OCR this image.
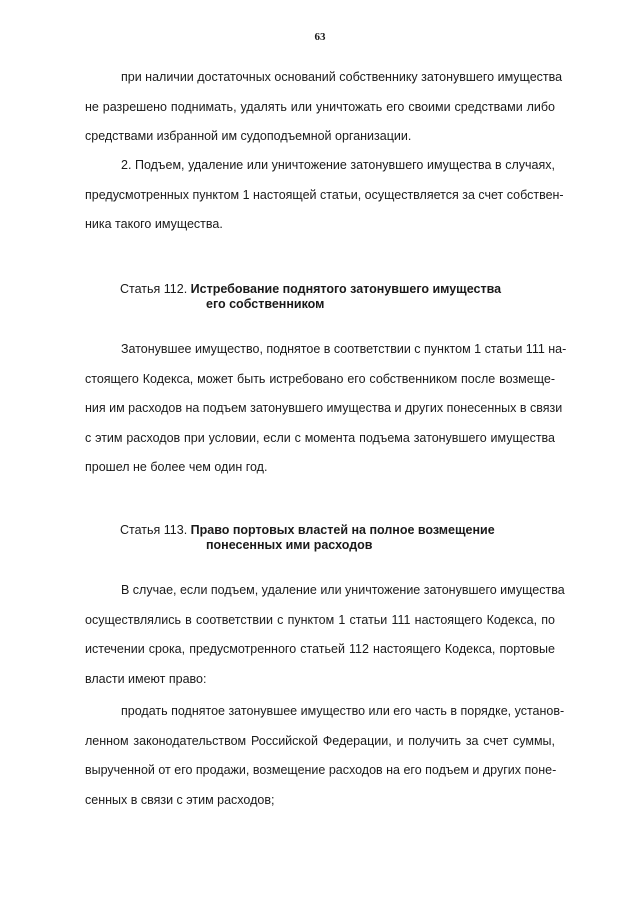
63
при наличии достаточных оснований собственнику затонувшего имущества
не разрешено поднимать, удалять или уничтожать его своими средствами либо
средствами избранной им судоподъемной организации.
2. Подъем, удаление или уничтожение затонувшего имущества в случаях,
предусмотренных пунктом 1 настоящей статьи, осуществляется за счет собствен-
ника такого имущества.
Статья 112. Истребование поднятого затонувшего имущества
его собственником
Затонувшее имущество, поднятое в соответствии с пунктом 1 статьи 111 на-
стоящего Кодекса, может быть истребовано его собственником после возмеще-
ния им расходов на подъем затонувшего имущества и других понесенных в связи
с этим расходов при условии, если с момента подъема затонувшего имущества
прошел не более чем один год.
Статья 113. Право портовых властей на полное возмещение
понесенных ими расходов
В случае, если подъем, удаление или уничтожение затонувшего имущества
осуществлялись в соответствии с пунктом 1 статьи 111 настоящего Кодекса, по
истечении срока, предусмотренного статьей 112 настоящего Кодекса, портовые
власти имеют право:
продать поднятое затонувшее имущество или его часть в порядке, установ-
ленном законодательством Российской Федерации, и получить за счет суммы,
вырученной от его продажи, возмещение расходов на его подъем и других поне-
сенных в связи с этим расходов;
